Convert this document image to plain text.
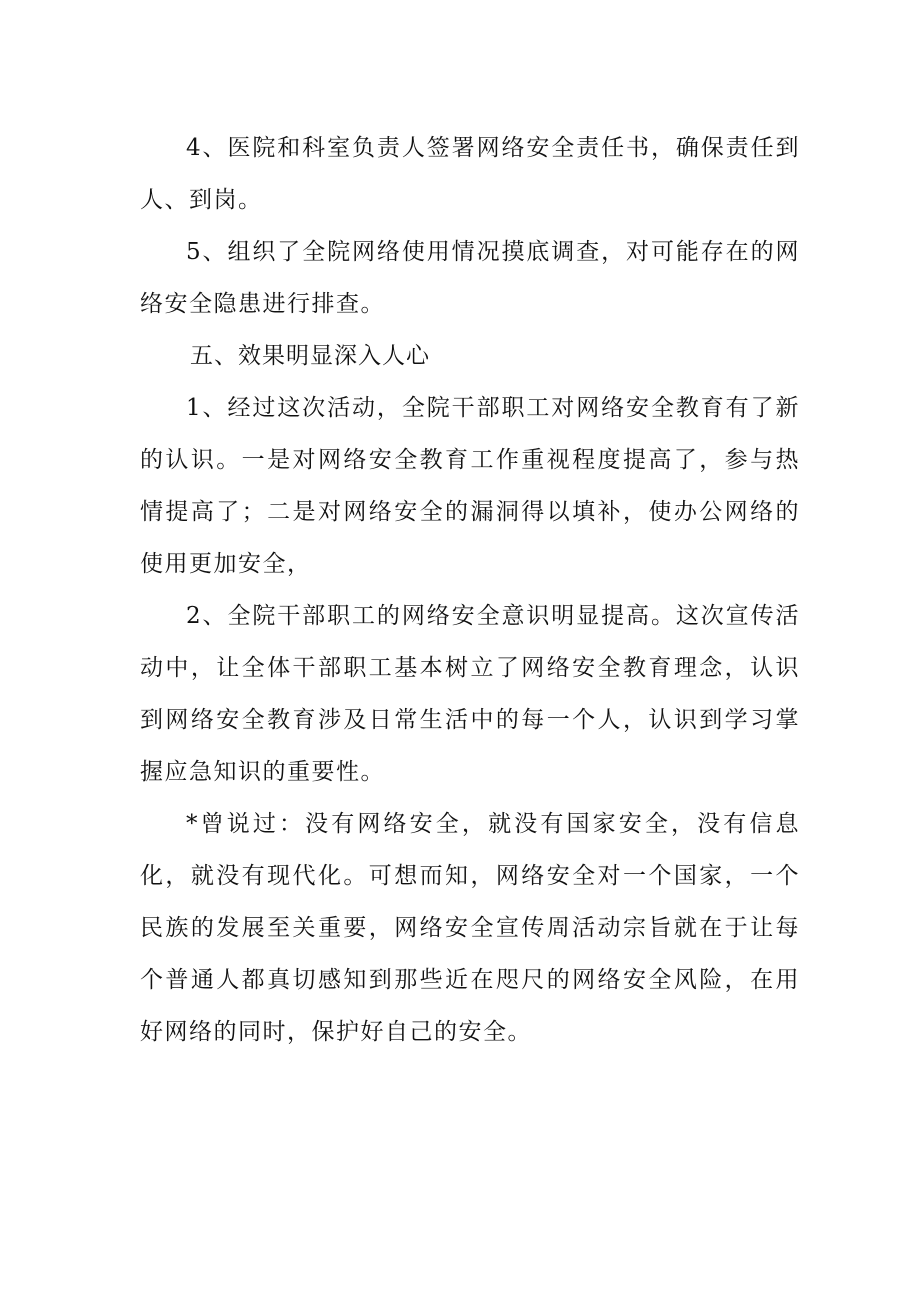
4、医院和科室负责人签署网络安全责任书，确保责任到人、到岗。

5、组织了全院网络使用情况摸底调查，对可能存在的网络安全隐患进行排查。

五、效果明显深入人心

1、经过这次活动，全院干部职工对网络安全教育有了新的认识。一是对网络安全教育工作重视程度提高了，参与热情提高了；二是对网络安全的漏洞得以填补，使办公网络的使用更加安全，

2、全院干部职工的网络安全意识明显提高。这次宣传活动中，让全体干部职工基本树立了网络安全教育理念，认识到网络安全教育涉及日常生活中的每一个人，认识到学习掌握应急知识的重要性。

*曾说过：没有网络安全，就没有国家安全，没有信息化，就没有现代化。可想而知，网络安全对一个国家，一个民族的发展至关重要，网络安全宣传周活动宗旨就在于让每个普通人都真切感知到那些近在咫尺的网络安全风险，在用好网络的同时，保护好自己的安全。
